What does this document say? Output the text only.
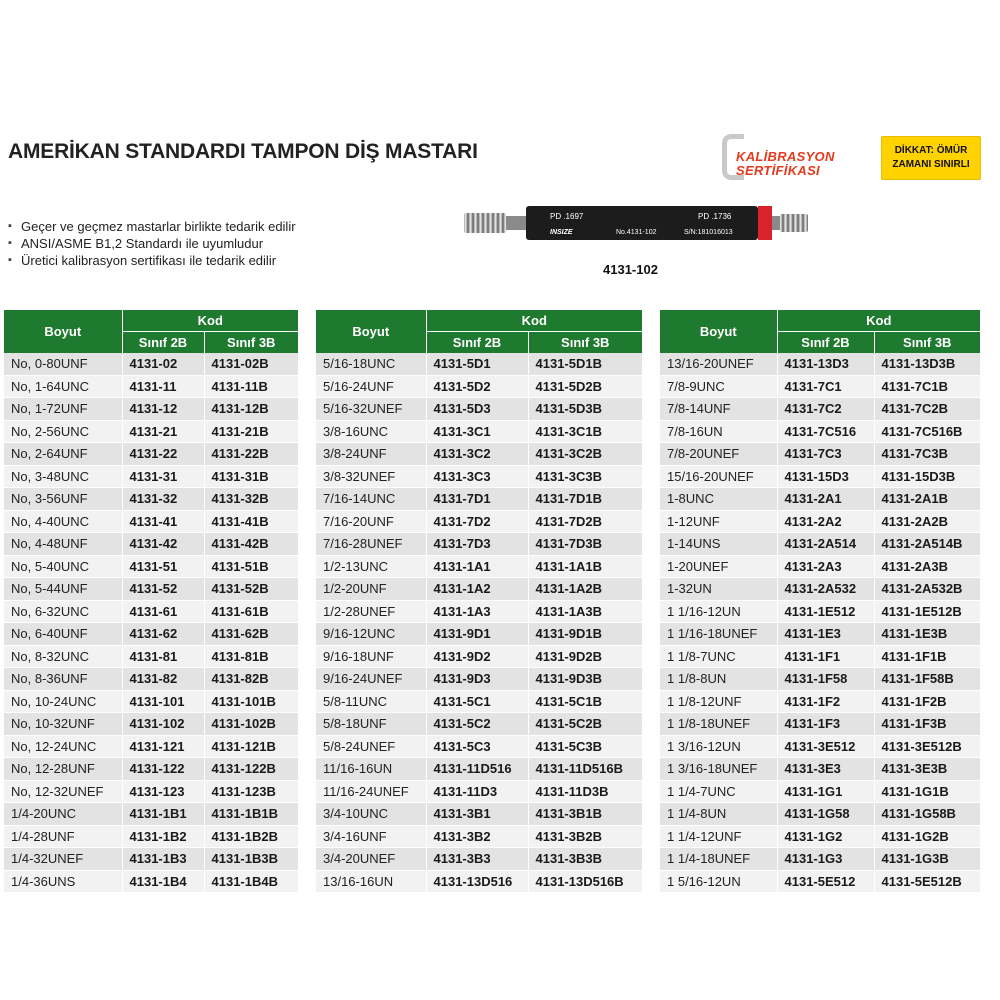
AMERİKAN STANDARDI TAMPON DİŞ MASTARI
▪ Geçer ve geçmez mastarlar birlikte tedarik edilir
▪ ANSI/ASME B1,2 Standardı ile uyumludur
▪ Üretici kalibrasyon sertifikası ile tedarik edilir
KALİBRASYON
SERTİFİKASI
DİKKAT: ÖMÜR
ZAMANI SINIRLI
PD .1697	PD .1736
INSIZE	No.4131-102	S/N:181016013
4131-102
Boyut	Kod	
	Sınıf 2B	Sınıf 3B
No, 0-80UNF	4131-02	4131-02B
No, 1-64UNC	4131-11	4131-11B
No, 1-72UNF	4131-12	4131-12B
No, 2-56UNC	4131-21	4131-21B
No, 2-64UNF	4131-22	4131-22B
No, 3-48UNC	4131-31	4131-31B
No, 3-56UNF	4131-32	4131-32B
No, 4-40UNC	4131-41	4131-41B
No, 4-48UNF	4131-42	4131-42B
No, 5-40UNC	4131-51	4131-51B
No, 5-44UNF	4131-52	4131-52B
No, 6-32UNC	4131-61	4131-61B
No, 6-40UNF	4131-62	4131-62B
No, 8-32UNC	4131-81	4131-81B
No, 8-36UNF	4131-82	4131-82B
No, 10-24UNC	4131-101	4131-101B
No, 10-32UNF	4131-102	4131-102B
No, 12-24UNC	4131-121	4131-121B
No, 12-28UNF	4131-122	4131-122B
No, 12-32UNEF	4131-123	4131-123B
1/4-20UNC	4131-1B1	4131-1B1B
1/4-28UNF	4131-1B2	4131-1B2B
1/4-32UNEF	4131-1B3	4131-1B3B
1/4-36UNS	4131-1B4	4131-1B4B
Boyut	Kod	
	Sınıf 2B	Sınıf 3B
5/16-18UNC	4131-5D1	4131-5D1B
5/16-24UNF	4131-5D2	4131-5D2B
5/16-32UNEF	4131-5D3	4131-5D3B
3/8-16UNC	4131-3C1	4131-3C1B
3/8-24UNF	4131-3C2	4131-3C2B
3/8-32UNEF	4131-3C3	4131-3C3B
7/16-14UNC	4131-7D1	4131-7D1B
7/16-20UNF	4131-7D2	4131-7D2B
7/16-28UNEF	4131-7D3	4131-7D3B
1/2-13UNC	4131-1A1	4131-1A1B
1/2-20UNF	4131-1A2	4131-1A2B
1/2-28UNEF	4131-1A3	4131-1A3B
9/16-12UNC	4131-9D1	4131-9D1B
9/16-18UNF	4131-9D2	4131-9D2B
9/16-24UNEF	4131-9D3	4131-9D3B
5/8-11UNC	4131-5C1	4131-5C1B
5/8-18UNF	4131-5C2	4131-5C2B
5/8-24UNEF	4131-5C3	4131-5C3B
11/16-16UN	4131-11D516	4131-11D516B
11/16-24UNEF	4131-11D3	4131-11D3B
3/4-10UNC	4131-3B1	4131-3B1B
3/4-16UNF	4131-3B2	4131-3B2B
3/4-20UNEF	4131-3B3	4131-3B3B
13/16-16UN	4131-13D516	4131-13D516B
Boyut	Kod	
	Sınıf 2B	Sınıf 3B
13/16-20UNEF	4131-13D3	4131-13D3B
7/8-9UNC	4131-7C1	4131-7C1B
7/8-14UNF	4131-7C2	4131-7C2B
7/8-16UN	4131-7C516	4131-7C516B
7/8-20UNEF	4131-7C3	4131-7C3B
15/16-20UNEF	4131-15D3	4131-15D3B
1-8UNC	4131-2A1	4131-2A1B
1-12UNF	4131-2A2	4131-2A2B
1-14UNS	4131-2A514	4131-2A514B
1-20UNEF	4131-2A3	4131-2A3B
1-32UN	4131-2A532	4131-2A532B
1 1/16-12UN	4131-1E512	4131-1E512B
1 1/16-18UNEF	4131-1E3	4131-1E3B
1 1/8-7UNC	4131-1F1	4131-1F1B
1 1/8-8UN	4131-1F58	4131-1F58B
1 1/8-12UNF	4131-1F2	4131-1F2B
1 1/8-18UNEF	4131-1F3	4131-1F3B
1 3/16-12UN	4131-3E512	4131-3E512B
1 3/16-18UNEF	4131-3E3	4131-3E3B
1 1/4-7UNC	4131-1G1	4131-1G1B
1 1/4-8UN	4131-1G58	4131-1G58B
1 1/4-12UNF	4131-1G2	4131-1G2B
1 1/4-18UNEF	4131-1G3	4131-1G3B
1 5/16-12UN	4131-5E512	4131-5E512B
